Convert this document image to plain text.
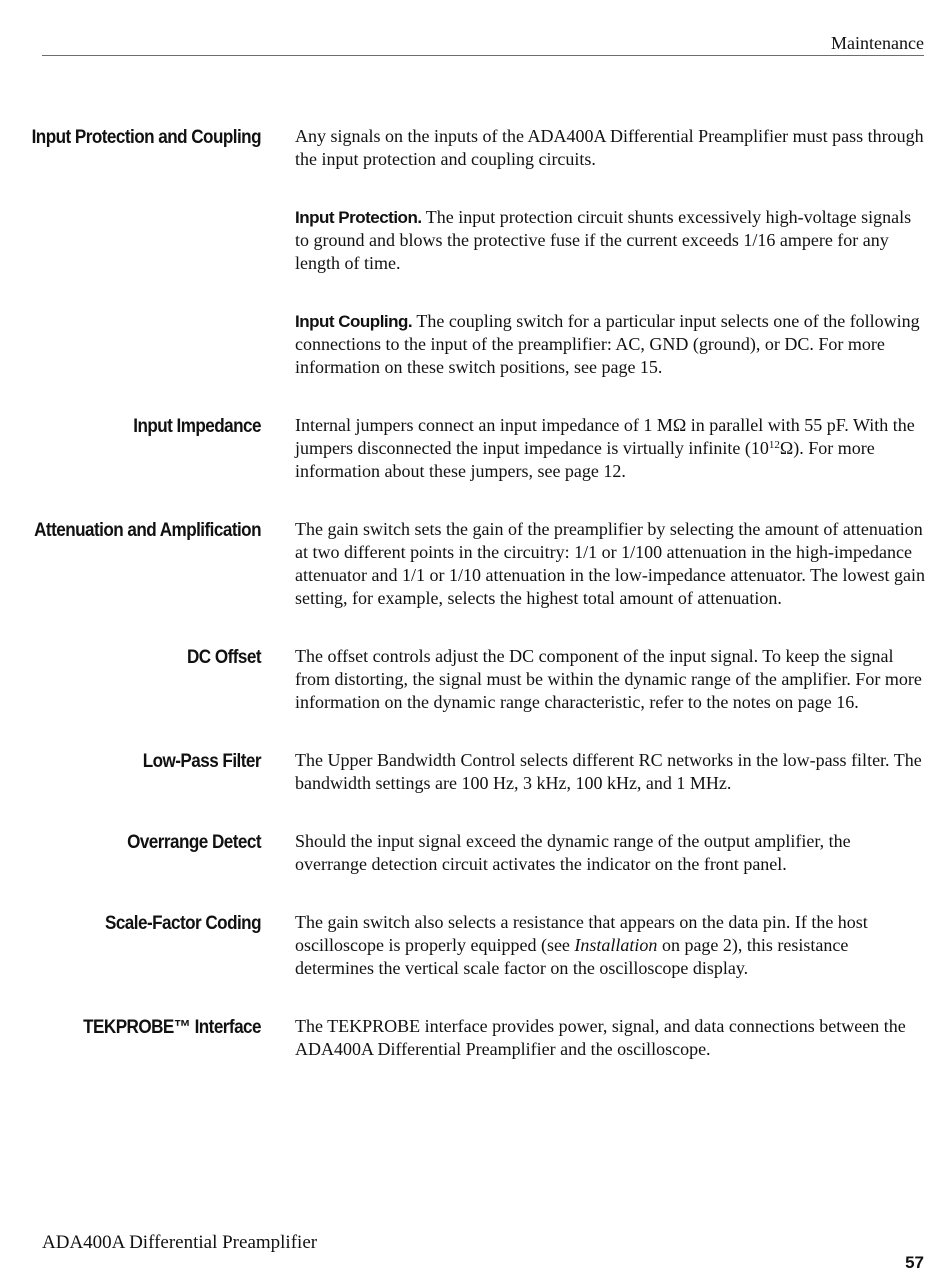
Maintenance
Input Protection and Coupling Any signals on the inputs of the ADA400A Differential Preamplifier must pass through the input protection and coupling circuits.

Input Protection. The input protection circuit shunts excessively high-voltage signals to ground and blows the protective fuse if the current exceeds 1/16 ampere for any length of time.

Input Coupling. The coupling switch for a particular input selects one of the following connections to the input of the preamplifier: AC, GND (ground), or DC. For more information on these switch positions, see page 15.

Input Impedance Internal jumpers connect an input impedance of 1 MΩ in parallel with 55 pF. With the jumpers disconnected the input impedance is virtually infinite $(10^{12}\Omega)$. For more information about these jumpers, see page 12.

Attenuation and Amplification The gain switch sets the gain of the preamplifier by selecting the amount of attenuation at two different points in the circuitry: 1/1 or 1/100 attenuation in the high-impedance attenuator and 1/1 or 1/10 attenuation in the low-impedance attenuator. The lowest gain setting, for example, selects the highest total amount of attenuation.

DC Offset The offset controls adjust the DC component of the input signal. To keep the signal from distorting, the signal must be within the dynamic range of the amplifier. For more information on the dynamic range characteristic, refer to the notes on page 16.

Low-Pass Filter The Upper Bandwidth Control selects different RC networks in the low-pass filter. The bandwidth settings are 100 Hz, 3 kHz, 100 kHz, and 1 MHz.

Overrange Detect Should the input signal exceed the dynamic range of the output amplifier, the overrange detection circuit activates the indicator on the front panel.

Scale-Factor Coding The gain switch also selects a resistance that appears on the data pin. If the host oscilloscope is properly equipped (see Installation on page 2), this resistance determines the vertical scale factor on the oscilloscope display.

TEKPROBE™ Interface The TEKPROBE interface provides power, signal, and data connections between the ADA400A Differential Preamplifier and the oscilloscope.

ADA400A Differential Preamplifier
57
